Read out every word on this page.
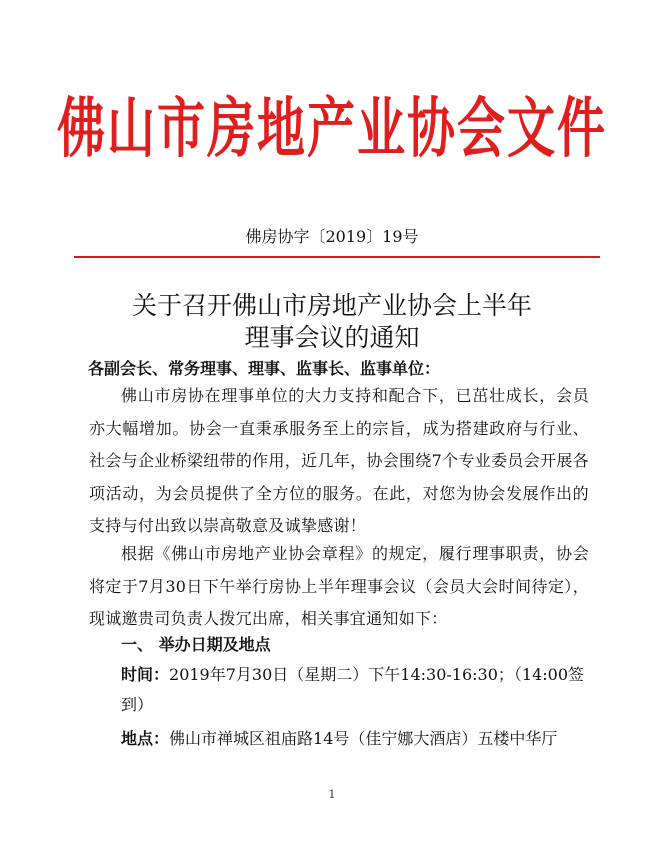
佛山市房地产业协会文件
佛房协字〔2019〕19号
关于召开佛山市房地产业协会上半年
理事会议的通知
各副会长、常务理事、理事、监事长、监事单位：
佛山市房协在理事单位的大力支持和配合下，已茁壮成长，会员亦大幅增加。协会一直秉承服务至上的宗旨，成为搭建政府与行业、社会与企业桥梁纽带的作用，近几年，协会围绕7个专业委员会开展各项活动，为会员提供了全方位的服务。在此，对您为协会发展作出的支持与付出致以崇高敬意及诚挚感谢！
根据《佛山市房地产业协会章程》的规定，履行理事职责，协会将定于7月30日下午举行房协上半年理事会议（会员大会时间待定），现诚邀贵司负责人拨冗出席，相关事宜通知如下：
一、 举办日期及地点
时间：2019年7月30日（星期二）下午14:30-16:30；（14:00签到）
地点：佛山市禅城区祖庙路14号（佳宁娜大酒店）五楼中华厅
1
